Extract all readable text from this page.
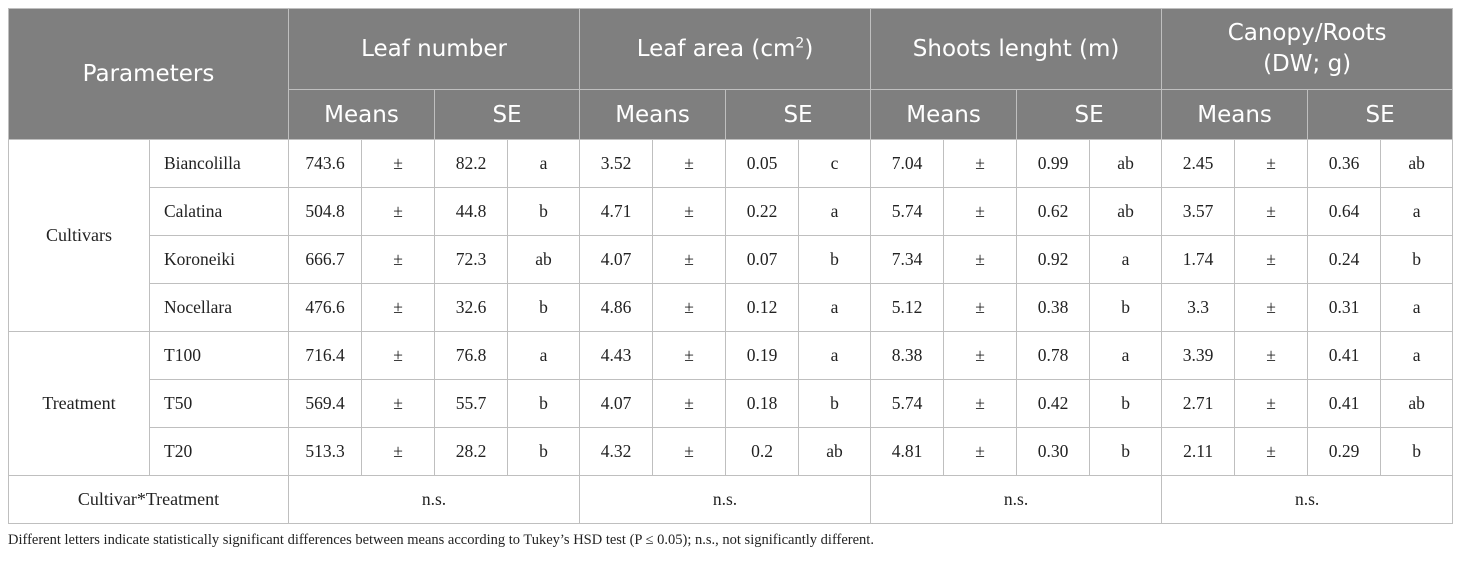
Parameters		Leaf number				Leaf area $(cm^2)$				Shoots lenght (m)				Canopy/Roots
(DW; g)			

		Means		SE		Means		SE		Means		SE		Means		SE	
Cultivars	Biancolilla	743.6	±	82.2	a	3.52	±	0.05	c	7.04	±	0.99	ab	2.45	±	0.36	ab
	Calatina	504.8	±	44.8	b	4.71	±	0.22	a	5.74	±	0.62	ab	3.57	±	0.64	a
	Koroneiki	666.7	±	72.3	ab	4.07	±	0.07	b	7.34	±	0.92	a	1.74	±	0.24	b
	Nocellara	476.6	±	32.6	b	4.86	±	0.12	a	5.12	±	0.38	b	3.3	±	0.31	a
Treatment	T100	716.4	±	76.8	a	4.43	±	0.19	a	8.38	±	0.78	a	3.39	±	0.41	a
	T50	569.4	±	55.7	b	4.07	±	0.18	b	5.74	±	0.42	b	2.71	±	0.41	ab
	T20	513.3	±	28.2	b	4.32	±	0.2	ab	4.81	±	0.30	b	2.11	±	0.29	b
Cultivar*Treatment		n.s.				n.s.				n.s.				n.s.			
Different letters indicate statistically significant differences between means according to Tukey’s HSD test (P ≤ 0.05); n.s., not significantly different.
